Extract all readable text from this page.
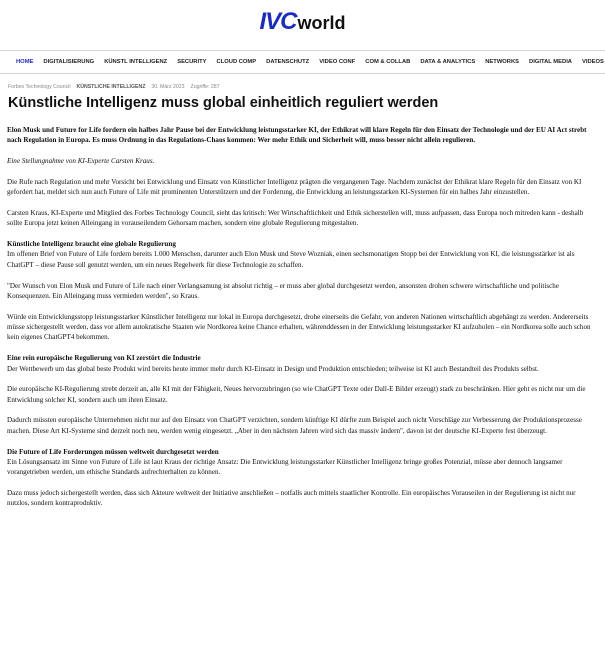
IVC world
HOME	DIGITALISIERUNG	KÜNSTL INTELLIGENZ	SECURITY	CLOUD COMP	DATENSCHUTZ	VIDEO CONF	COM & COLLAB	DATA & ANALYTICS	NETWORKS	DIGITAL MEDIA	VIDEOS
Forbes Technology Council KÜNSTLICHE INTELLIGENZ 30. März 2023 Zugriffe: 287
Künstliche Intelligenz muss global einheitlich reguliert werden

Elon Musk und Future for Life fordern ein halbes Jahr Pause bei der Entwicklung leistungsstarker KI, der Ethikrat will klare Regeln für den Einsatz der Technologie und der EU AI Act strebt nach Regulation in Europa. Es muss Ordnung in das Regulations-Chaos kommen: Wer mehr Ethik und Sicherheit will, muss besser nicht allein regulieren.

Eine Stellungnahme von KI-Experte Carsten Kraus.

Die Rufe nach Regulation und mehr Vorsicht bei Entwicklung und Einsatz von Künstlicher Intelligenz prägten die vergangenen Tage. Nachdem zunächst der Ethikrat klare Regeln für den Einsatz von KI gefordert hat, meldet sich nun auch Future of Life mit prominenten Unterstützern und der Forderung, die Entwicklung an leistungsstarken KI-Systemen für ein halbes Jahr einzustellen.

Carsten Kraus, KI-Experte und Mitglied des Forbes Technology Council, sieht das kritisch: Wer Wirtschaftlichkeit und Ethik sicherstellen will, muss aufpassen, dass Europa noch mitreden kann - deshalb sollte Europa jetzt keinen Alleingang in vorauseilendem Gehorsam machen, sondern eine globale Regulierung mitgestalten.

Künstliche Intelligenz braucht eine globale Regulierung

Im offenen Brief von Future of Life fordern bereits 1.000 Menschen, darunter auch Elon Musk und Steve Wozniak, einen sechsmonatigen Stopp bei der Entwicklung von KI, die leistungsstärker ist als ChatGPT – diese Pause soll genutzt werden, um ein neues Regelwerk für diese Technologie zu schaffen.

"Der Wunsch von Elon Musk und Future of Life nach einer Verlangsamung ist absolut richtig – er muss aber global durchgesetzt werden, ansonsten drohen schwere wirtschaftliche und politische Konsequenzen. Ein Alleingang muss vermieden werden", so Kraus.

Würde ein Entwicklungsstopp leistungsstarker Künstlicher Intelligenz nur lokal in Europa durchgesetzt, drohe einerseits die Gefahr, von anderen Nationen wirtschaftlich abgehängt zu werden. Andererseits müsse sichergestellt werden, dass vor allem autokratische Staaten wie Nordkorea keine Chance erhalten, währenddessen in der Entwicklung leistungsstarker KI aufzuholen – ein Nordkorea solle auch schon kein eigenes ChatGPT4 bekommen.

Eine rein europäische Regulierung von KI zerstört die Industrie

Der Wettbewerb um das global beste Produkt wird bereits heute immer mehr durch KI-Einsatz in Design und Produktion entschieden; teilweise ist KI auch Bestandteil des Produkts selbst.

Die europäische KI-Regulierung strebt derzeit an, alle KI mit der Fähigkeit, Neues hervorzubringen (so wie ChatGPT Texte oder Dall-E Bilder erzeugt) stark zu beschränken. Hier geht es nicht nur um die Entwicklung solcher KI, sondern auch um ihren Einsatz.

Dadurch müssten europäische Unternehmen nicht nur auf den Einsatz von ChatGPT verzichten, sondern künftige KI dürfte zum Beispiel auch nicht Vorschläge zur Verbesserung der Produktionsprozesse machen. Diese Art KI-Systeme sind derzeit noch neu, werden wenig eingesetzt. „Aber in den nächsten Jahren wird sich das massiv ändern", davon ist der deutsche KI-Experte fest überzeugt.

Die Future of Life Forderungen müssen weltweit durchgesetzt werden

Ein Lösungsansatz im Sinne von Future of Life ist laut Kraus der richtige Ansatz: Die Entwicklung leistungsstarker Künstlicher Intelligenz bringe großes Potenzial, müsse aber dennoch langsamer vorangetrieben werden, um ethische Standards aufrechterhalten zu können.

Dazu muss jedoch sichergestellt werden, dass sich Akteure weltweit der Initiative anschließen – notfalls auch mittels staatlicher Kontrolle. Ein europäisches Vorauseilen in der Regulierung ist nicht nur nutzlos, sondern kontraproduktiv.
